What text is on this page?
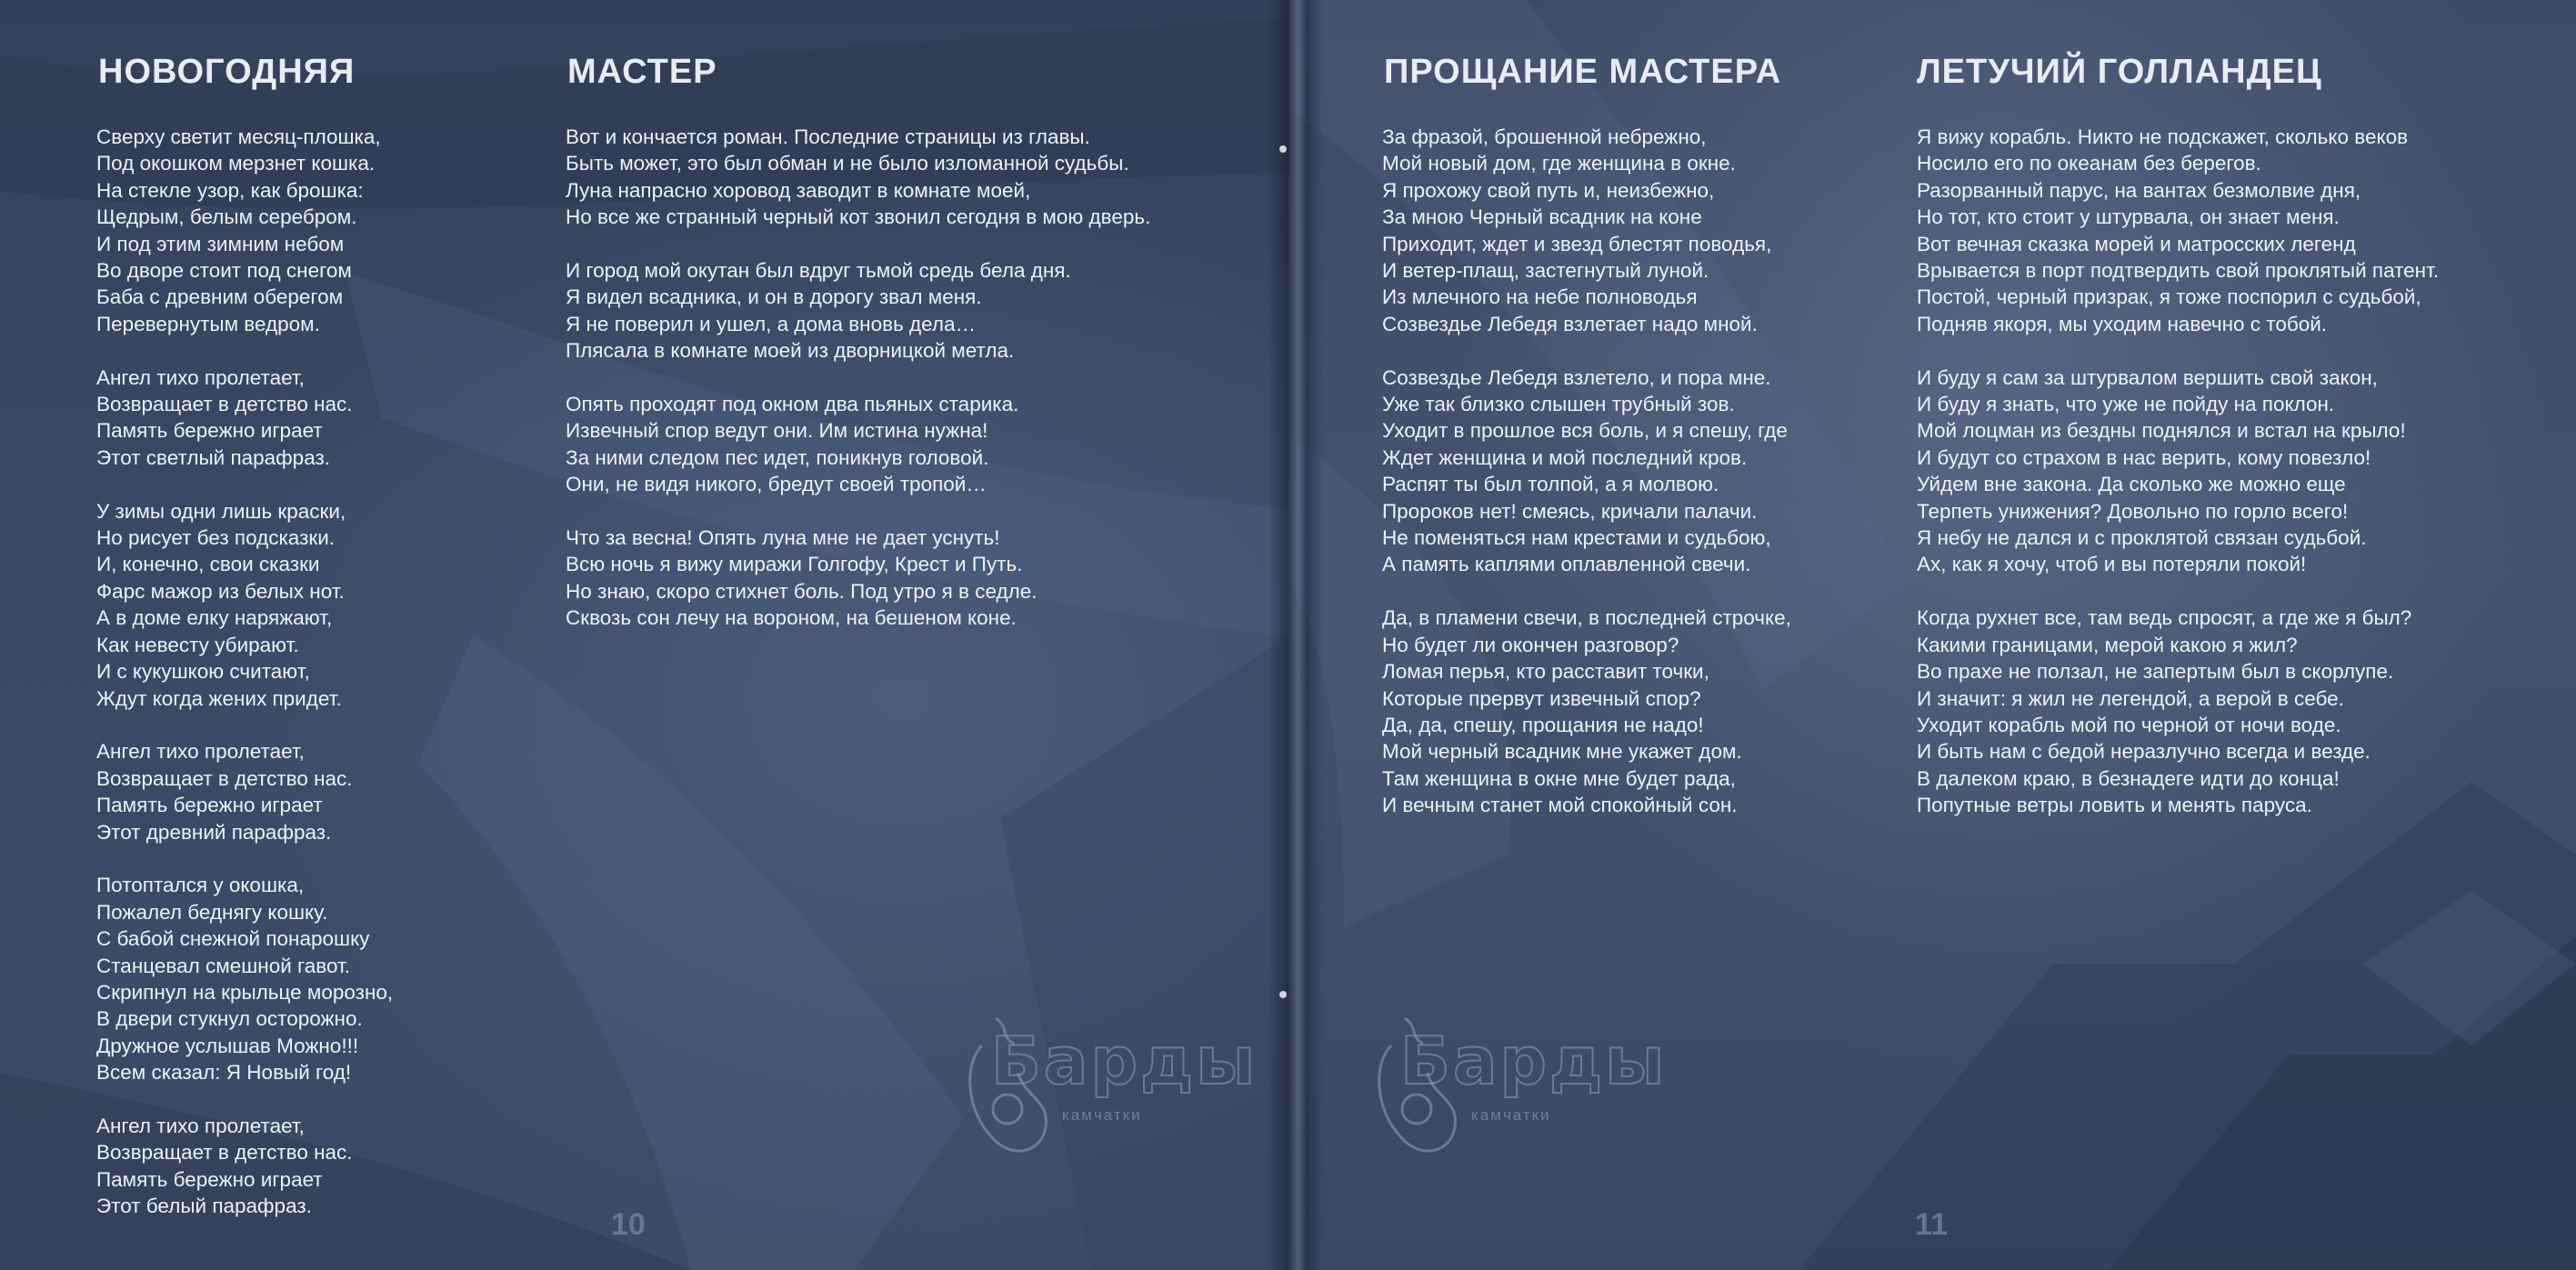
НОВОГОДНЯЯ
Сверху светит месяц-плошка,
Под окошком мерзнет кошка.
На стекле узор, как брошка:
Щедрым, белым серебром.
И под этим зимним небом
Во дворе стоит под снегом
Баба с древним оберегом
Перевернутым ведром.
Ангел тихо пролетает,
Возвращает в детство нас.
Память бережно играет
Этот светлый парафраз.
У зимы одни лишь краски,
Но рисует без подсказки.
И, конечно, свои сказки
Фарс мажор из белых нот.
А в доме елку наряжают,
Как невесту убирают.
И с кукушкою считают,
Ждут когда жених придет.
Ангел тихо пролетает,
Возвращает в детство нас.
Память бережно играет
Этот древний парафраз.
Потоптался у окошка,
Пожалел беднягу кошку.
С бабой снежной понарошку
Станцевал смешной гавот.
Скрипнул на крыльце морозно,
В двери стукнул осторожно.
Дружное услышав Можно!!!
Всем сказал: Я Новый год!
Ангел тихо пролетает,
Возвращает в детство нас.
Память бережно играет
Этот белый парафраз.
МАСТЕР
Вот и кончается роман. Последние страницы из главы.
Быть может, это был обман и не было изломанной судьбы.
Луна напрасно хоровод заводит в комнате моей,
Но все же странный черный кот звонил сегодня в мою дверь.
И город мой окутан был вдруг тьмой средь бела дня.
Я видел всадника, и он в дорогу звал меня.
Я не поверил и ушел, а дома вновь дела…
Плясала в комнате моей из дворницкой метла.
Опять проходят под окном два пьяных старика.
Извечный спор ведут они. Им истина нужна!
За ними следом пес идет, поникнув головой.
Они, не видя никого, бредут своей тропой…
Что за весна! Опять луна мне не дает уснуть!
Всю ночь я вижу миражи Голгофу, Крест и Путь.
Но знаю, скоро стихнет боль. Под утро я в седле.
Сквозь сон лечу на вороном, на бешеном коне.
Барды
камчатки
10
ПРОЩАНИЕ МАСТЕРА
За фразой, брошенной небрежно,
Мой новый дом, где женщина в окне.
Я прохожу свой путь и, неизбежно,
За мною Черный всадник на коне
Приходит, ждет и звезд блестят поводья,
И ветер-плащ, застегнутый луной.
Из млечного на небе полноводья
Созвездье Лебедя взлетает надо мной.
Созвездье Лебедя взлетело, и пора мне.
Уже так близко слышен трубный зов.
Уходит в прошлое вся боль, и я спешу, где
Ждет женщина и мой последний кров.
Распят ты был толпой, а я молвою.
Пророков нет! смеясь, кричали палачи.
Не поменяться нам крестами и судьбою,
А память каплями оплавленной свечи.
Да, в пламени свечи, в последней строчке,
Но будет ли окончен разговор?
Ломая перья, кто расставит точки,
Которые прервут извечный спор?
Да, да, спешу, прощания не надо!
Мой черный всадник мне укажет дом.
Там женщина в окне мне будет рада,
И вечным станет мой спокойный сон.
ЛЕТУЧИЙ ГОЛЛАНДЕЦ
Я вижу корабль. Никто не подскажет, сколько веков
Носило его по океанам без берегов.
Разорванный парус, на вантах безмолвие дня,
Но тот, кто стоит у штурвала, он знает меня.
Вот вечная сказка морей и матросских легенд
Врывается в порт подтвердить свой проклятый патент.
Постой, черный призрак, я тоже поспорил с судьбой,
Подняв якоря, мы уходим навечно с тобой.
И буду я сам за штурвалом вершить свой закон,
И буду я знать, что уже не пойду на поклон.
Мой лоцман из бездны поднялся и встал на крыло!
И будут со страхом в нас верить, кому повезло!
Уйдем вне закона. Да сколько же можно еще
Терпеть унижения? Довольно по горло всего!
Я небу не дался и с проклятой связан судьбой.
Ах, как я хочу, чтоб и вы потеряли покой!
Когда рухнет все, там ведь спросят, а где же я был?
Какими границами, мерой какою я жил?
Во прахе не ползал, не запертым был в скорлупе.
И значит: я жил не легендой, а верой в себе.
Уходит корабль мой по черной от ночи воде.
И быть нам с бедой неразлучно всегда и везде.
В далеком краю, в безнадеге идти до конца!
Попутные ветры ловить и менять паруса.
Барды
камчатки
11
